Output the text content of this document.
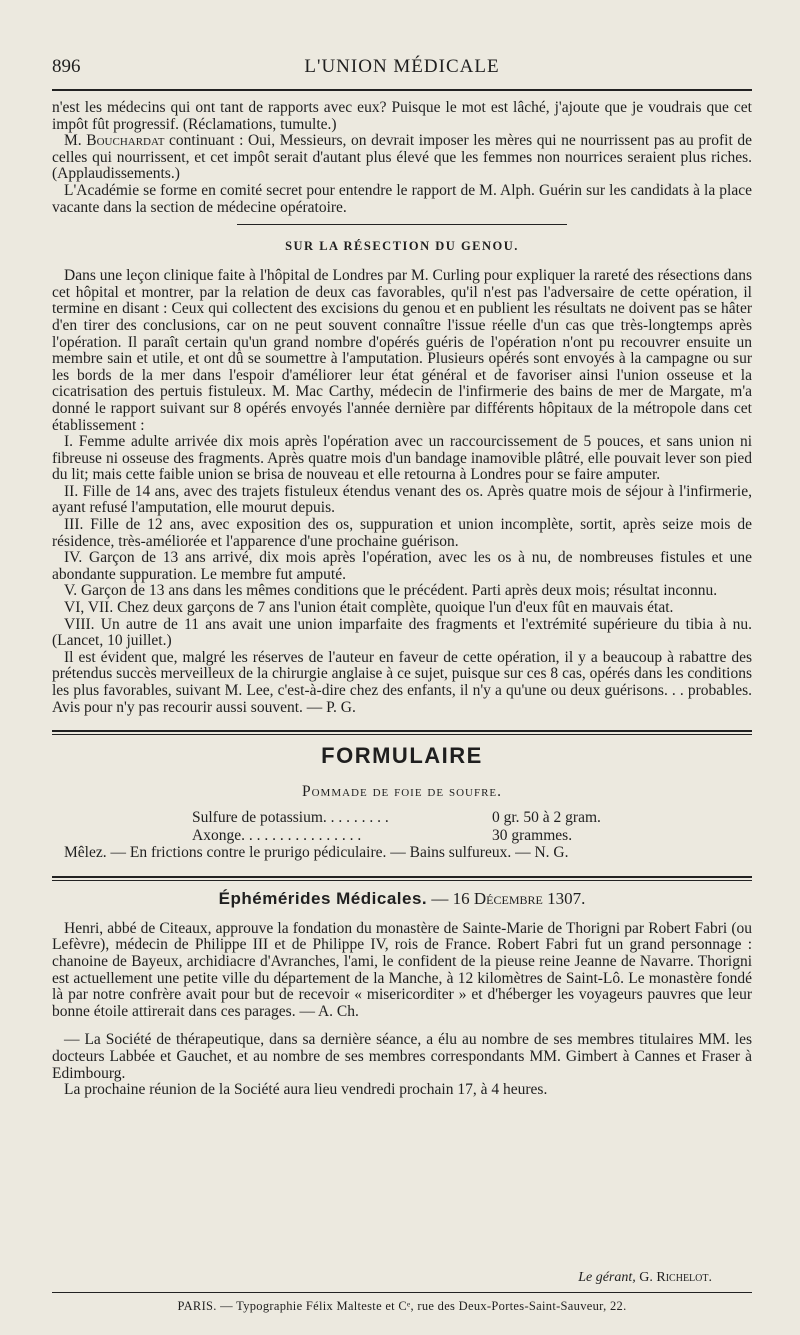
896	L'UNION MÉDICALE

n'est les médecins qui ont tant de rapports avec eux? Puisque le mot est lâché, j'ajoute que je voudrais que cet impôt fût progressif. (Réclamations, tumulte.)

M. Bouchardat continuant : Oui, Messieurs, on devrait imposer les mères qui ne nourrissent pas au profit de celles qui nourrissent, et cet impôt serait d'autant plus élevé que les femmes non nourrices seraient plus riches. (Applaudissements.)

L'Académie se forme en comité secret pour entendre le rapport de M. Alph. Guérin sur les candidats à la place vacante dans la section de médecine opératoire.

SUR LA RÉSECTION DU GENOU.

Dans une leçon clinique faite à l'hôpital de Londres par M. Curling pour expliquer la rareté des résections dans cet hôpital et montrer, par la relation de deux cas favorables, qu'il n'est pas l'adversaire de cette opération, il termine en disant : Ceux qui collectent des excisions du genou et en publient les résultats ne doivent pas se hâter d'en tirer des conclusions, car on ne peut souvent connaître l'issue réelle d'un cas que très-longtemps après l'opération. Il paraît certain qu'un grand nombre d'opérés guéris de l'opération n'ont pu recouvrer ensuite un membre sain et utile, et ont dû se soumettre à l'amputation. Plusieurs opérés sont envoyés à la campagne ou sur les bords de la mer dans l'espoir d'améliorer leur état général et de favoriser ainsi l'union osseuse et la cicatrisation des pertuis fistuleux. M. Mac Carthy, médecin de l'infirmerie des bains de mer de Margate, m'a donné le rapport suivant sur 8 opérés envoyés l'année dernière par différents hôpitaux de la métropole dans cet établissement :

I. Femme adulte arrivée dix mois après l'opération avec un raccourcissement de 5 pouces, et sans union ni fibreuse ni osseuse des fragments. Après quatre mois d'un bandage inamovible plâtré, elle pouvait lever son pied du lit; mais cette faible union se brisa de nouveau et elle retourna à Londres pour se faire amputer.

II. Fille de 14 ans, avec des trajets fistuleux étendus venant des os. Après quatre mois de séjour à l'infirmerie, ayant refusé l'amputation, elle mourut depuis.

III. Fille de 12 ans, avec exposition des os, suppuration et union incomplète, sortit, après seize mois de résidence, très-améliorée et l'apparence d'une prochaine guérison.

IV. Garçon de 13 ans arrivé, dix mois après l'opération, avec les os à nu, de nombreuses fistules et une abondante suppuration. Le membre fut amputé.

V. Garçon de 13 ans dans les mêmes conditions que le précédent. Parti après deux mois; résultat inconnu.

VI, VII. Chez deux garçons de 7 ans l'union était complète, quoique l'un d'eux fût en mauvais état.

VIII. Un autre de 11 ans avait une union imparfaite des fragments et l'extrémité supérieure du tibia à nu. (Lancet, 10 juillet.)

Il est évident que, malgré les réserves de l'auteur en faveur de cette opération, il y a beaucoup à rabattre des prétendus succès merveilleux de la chirurgie anglaise à ce sujet, puisque sur ces 8 cas, opérés dans les conditions les plus favorables, suivant M. Lee, c'est-à-dire chez des enfants, il n'y a qu'une ou deux guérisons. . . probables. Avis pour n'y pas recourir aussi souvent. — P. G.

FORMULAIRE
Pommade de foie de soufre.
Sulfure de potassium. . . . . . . . .	0 gr. 50 à 2 gram.
Axonge. . . . . . . . . . . . . . . .	30 grammes.

Mêlez. — En frictions contre le prurigo pédiculaire. — Bains sulfureux. — N. G.

Éphémérides Médicales. — 16 Décembre 1307.

Henri, abbé de Citeaux, approuve la fondation du monastère de Sainte-Marie de Thorigni par Robert Fabri (ou Lefèvre), médecin de Philippe III et de Philippe IV, rois de France. Robert Fabri fut un grand personnage : chanoine de Bayeux, archidiacre d'Avranches, l'ami, le confident de la pieuse reine Jeanne de Navarre. Thorigni est actuellement une petite ville du département de la Manche, à 12 kilomètres de Saint-Lô. Le monastère fondé là par notre confrère avait pour but de recevoir « misericorditer » et d'héberger les voyageurs pauvres que leur bonne étoile attirerait dans ces parages. — A. Ch.

— La Société de thérapeutique, dans sa dernière séance, a élu au nombre de ses membres titulaires MM. les docteurs Labbée et Gauchet, et au nombre de ses membres correspondants MM. Gimbert à Cannes et Fraser à Edimbourg.

La prochaine réunion de la Société aura lieu vendredi prochain 17, à 4 heures.

Le gérant, G. Richelot.
PARIS. — Typographie Félix Malteste et Cᵉ, rue des Deux-Portes-Saint-Sauveur, 22.
